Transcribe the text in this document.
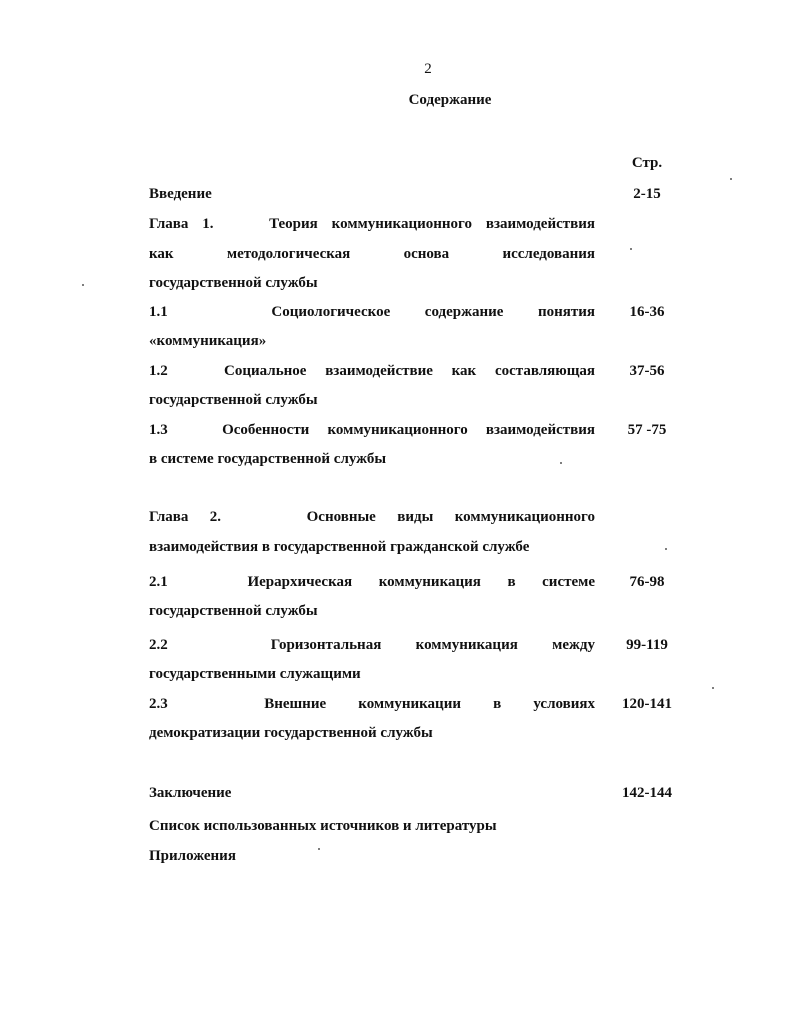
2
Содержание
Стр.
Введение	2-15
Глава 1.    Теория коммуникационного взаимодействия
как методологическая основа исследования
государственной службы
1.1   Социологическое содержание понятия	16-36
«коммуникация»
1.2   Социальное взаимодействие как составляющая	37-56
государственной службы
1.3   Особенности коммуникационного взаимодействия	57 -75
в системе государственной службы
Глава 2.    Основные виды коммуникационного
взаимодействия в государственной гражданской службе
2.1   Иерархическая коммуникация в системе	76-98
государственной службы
2.2   Горизонтальная коммуникация между	99-119
государственными служащими
2.3   Внешние коммуникации в условиях	120-141
демократизации государственной службы
Заключение	142-144
Список использованных источников и литературы
Приложения
